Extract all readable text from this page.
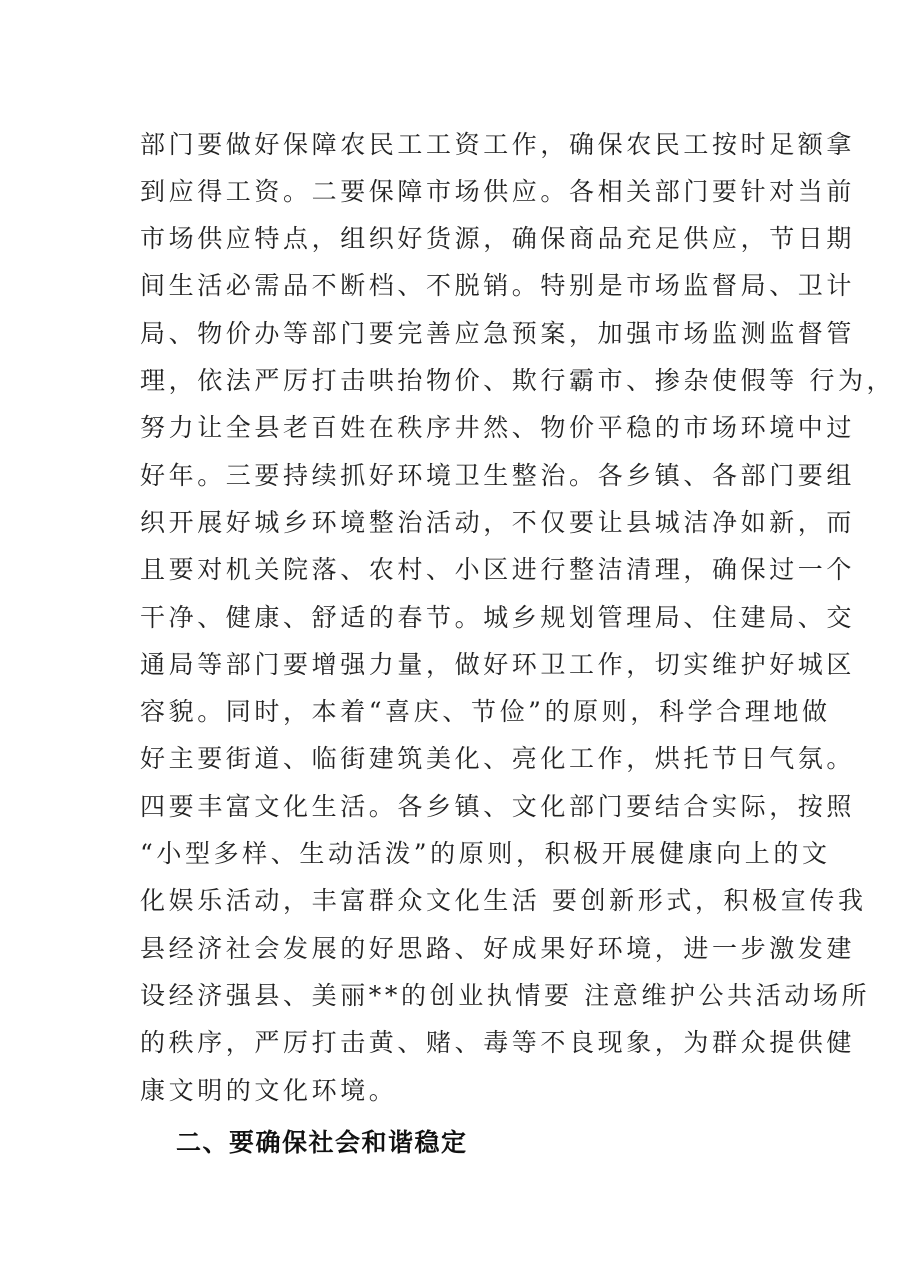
部门要做好保障农民工工资工作，确保农民工按时足额拿
到应得工资。二要保障市场供应。各相关部门要针对当前
市场供应特点，组织好货源，确保商品充足供应，节日期
间生活必需品不断档、不脱销。特别是市场监督局、卫计
局、物价办等部门要完善应急预案，加强市场监测监督管
理，依法严厉打击哄抬物价、欺行霸市、掺杂使假等 行为，
努力让全县老百姓在秩序井然、物价平稳的市场环境中过
好年。三要持续抓好环境卫生整治。各乡镇、各部门要组
织开展好城乡环境整治活动，不仅要让县城洁净如新，而
且要对机关院落、农村、小区进行整洁清理，确保过一个
干净、健康、舒适的春节。城乡规划管理局、住建局、交
通局等部门要增强力量，做好环卫工作，切实维护好城区
容貌。同时，本着“喜庆、节俭”的原则，科学合理地做
好主要街道、临街建筑美化、亮化工作，烘托节日气氛。
四要丰富文化生活。各乡镇、文化部门要结合实际，按照
“小型多样、生动活泼”的原则，积极开展健康向上的文
化娱乐活动，丰富群众文化生活 要创新形式，积极宣传我
县经济社会发展的好思路、好成果好环境，进一步激发建
设经济强县、美丽**的创业执情要 注意维护公共活动场所
的秩序，严厉打击黄、赌、毒等不良现象，为群众提供健
康文明的文化环境。
二、要确保社会和谐稳定
